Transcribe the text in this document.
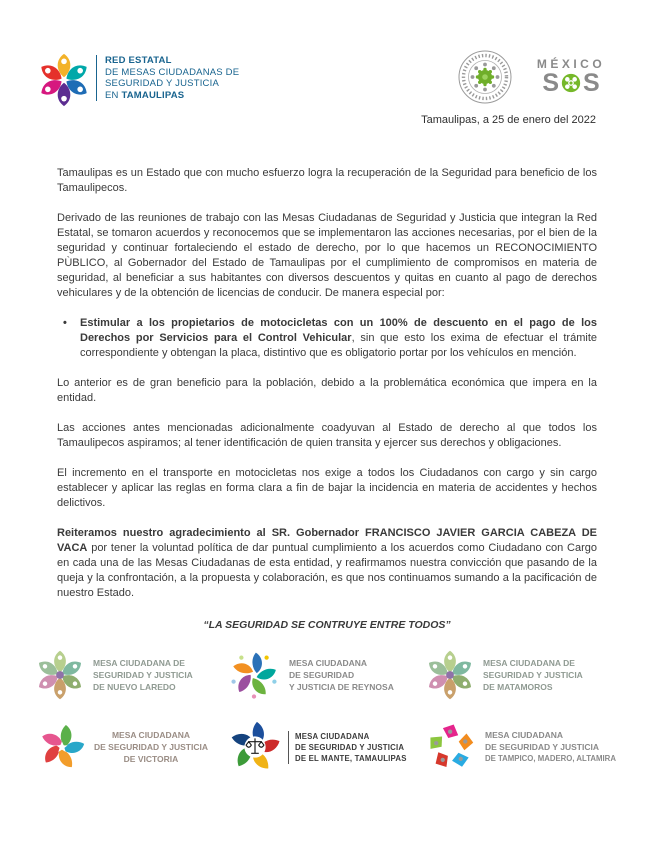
RED ESTATAL
DE MESAS CIUDADANAS DE
SEGURIDAD Y JUSTICIA
EN TAMAULIPAS
MÉXICO
S S
Tamaulipas, a 25 de enero del 2022

Tamaulipas es un Estado que con mucho esfuerzo logra la recuperación de la Seguridad para beneficio de los Tamaulipecos.

Derivado de las reuniones de trabajo con las Mesas Ciudadanas de Seguridad y Justicia que integran la Red Estatal, se tomaron acuerdos y reconocemos que se implementaron las acciones necesarias, por el bien de la seguridad y continuar fortaleciendo el estado de derecho, por lo que hacemos un RECONOCIMIENTO PÙBLICO, al Gobernador del Estado de Tamaulipas por el cumplimiento de compromisos en materia de seguridad, al beneficiar a sus habitantes con diversos descuentos y quitas en cuanto al pago de derechos vehiculares y de la obtención de licencias de conducir. De manera especial por:

•	Estimular a los propietarios de motocicletas con un 100% de descuento en el pago de los Derechos por Servicios para el Control Vehicular, sin que esto los exima de efectuar el trámite correspondiente y obtengan la placa, distintivo que es obligatorio portar por los vehículos en mención.

Lo anterior es de gran beneficio para la población, debido a la problemática económica que impera en la entidad.

Las acciones antes mencionadas adicionalmente coadyuvan al Estado de derecho al que todos los Tamaulipecos aspiramos; al tener identificación de quien transita y ejercer sus derechos y obligaciones.

El incremento en el transporte en motocicletas nos exige a todos los Ciudadanos con cargo y sin cargo establecer y aplicar las reglas en forma clara a fin de bajar la incidencia en materia de accidentes y hechos delictivos.

Reiteramos nuestro agradecimiento al SR. Gobernador FRANCISCO JAVIER GARCIA CABEZA DE VACA por tener la voluntad política de dar puntual cumplimiento a los acuerdos como Ciudadano con Cargo en cada una de las Mesas Ciudadanas de esta entidad, y reafirmamos nuestra convicción que pasando de la queja y la confrontación, a la propuesta y colaboración, es que nos continuamos sumando a la pacificación de nuestro Estado.

“LA SEGURIDAD SE CONTRUYE ENTRE TODOS”
MESA CIUDADANA DE
SEGURIDAD Y JUSTICIA
DE NUEVO LAREDO
MESA CIUDADANA
DE SEGURIDAD
Y JUSTICIA DE REYNOSA
MESA CIUDADANA DE
SEGURIDAD Y JUSTICIA
DE MATAMOROS
MESA CIUDADANA
DE SEGURIDAD Y JUSTICIA
DE VICTORIA
MESA CIUDADANA
DE SEGURIDAD Y JUSTICIA
DE EL MANTE, TAMAULIPAS
MESA CIUDADANA
DE SEGURIDAD Y JUSTICIA
DE TAMPICO, MADERO, ALTAMIRA
